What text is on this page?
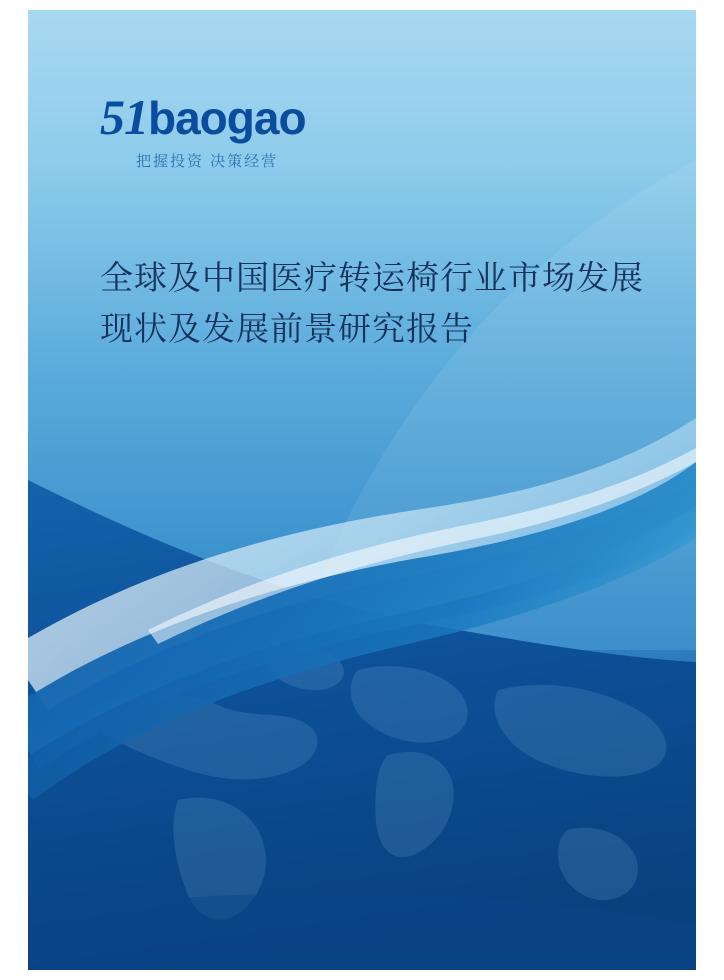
51baogao
把握投资 决策经营
全球及中国医疗转运椅行业市场发展现状及发展前景研究报告
